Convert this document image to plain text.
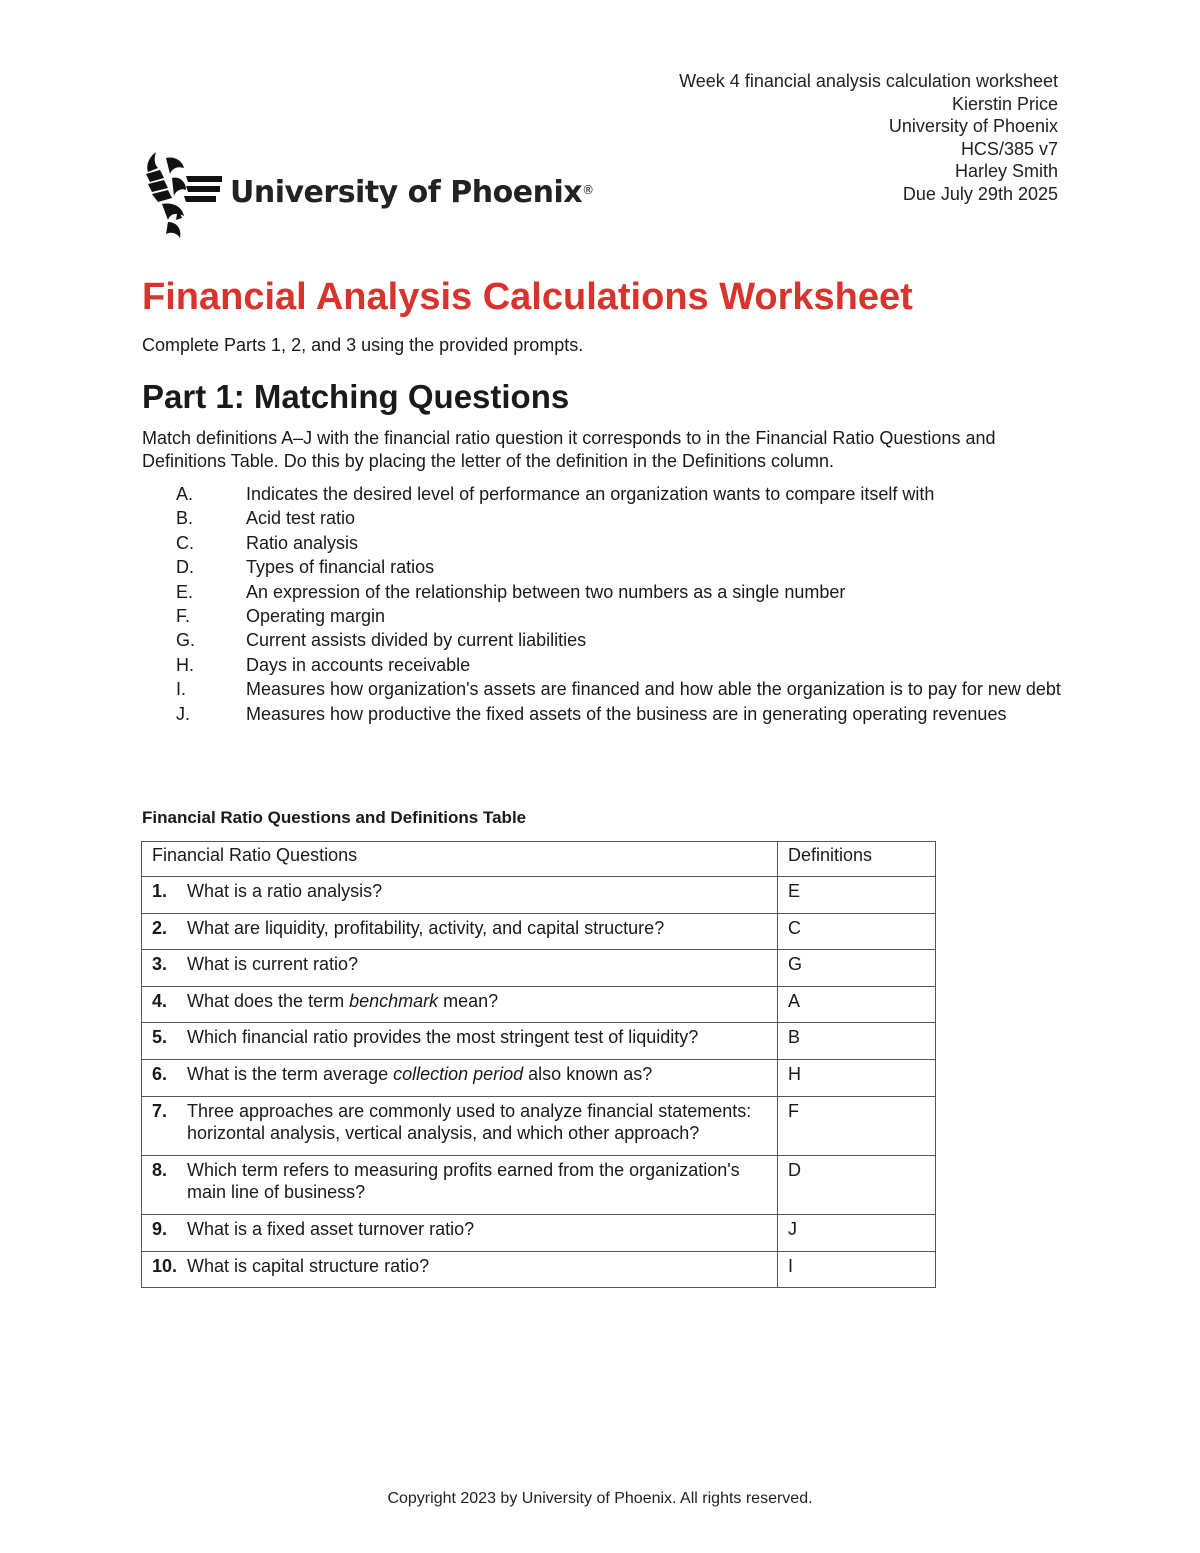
Week 4 financial analysis calculation worksheet
Kierstin Price
University of Phoenix
HCS/385 v7
Harley Smith
Due July 29th 2025
University of Phoenix®
Financial Analysis Calculations Worksheet

Complete Parts 1, 2, and 3 using the provided prompts.

Part 1: Matching Questions

Match definitions A–J with the financial ratio question it corresponds to in the Financial Ratio Questions and Definitions Table. Do this by placing the letter of the definition in the Definitions column.

A.	Indicates the desired level of performance an organization wants to compare itself with
B.	Acid test ratio
C.	Ratio analysis
D.	Types of financial ratios
E.	An expression of the relationship between two numbers as a single number
F.	Operating margin
G.	Current assists divided by current liabilities
H.	Days in accounts receivable
I.	Measures how organization's assets are financed and how able the organization is to pay for new debt
J.	Measures how productive the fixed assets of the business are in generating operating revenues
Financial Ratio Questions and Definitions Table
Financial Ratio Questions	Definitions

1. What is a ratio analysis?	E

2. What are liquidity, profitability, activity, and capital structure?	C

3. What is current ratio?	G

4. What does the term benchmark mean?	A

5. Which financial ratio provides the most stringent test of liquidity?	B

6. What is the term average collection period also known as?	H

7. Three approaches are commonly used to analyze financial statements: horizontal analysis, vertical analysis, and which other approach?	F

8. Which term refers to measuring profits earned from the organization's main line of business?	D

9. What is a fixed asset turnover ratio?	J

10. What is capital structure ratio?	I
Copyright 2023 by University of Phoenix. All rights reserved.
